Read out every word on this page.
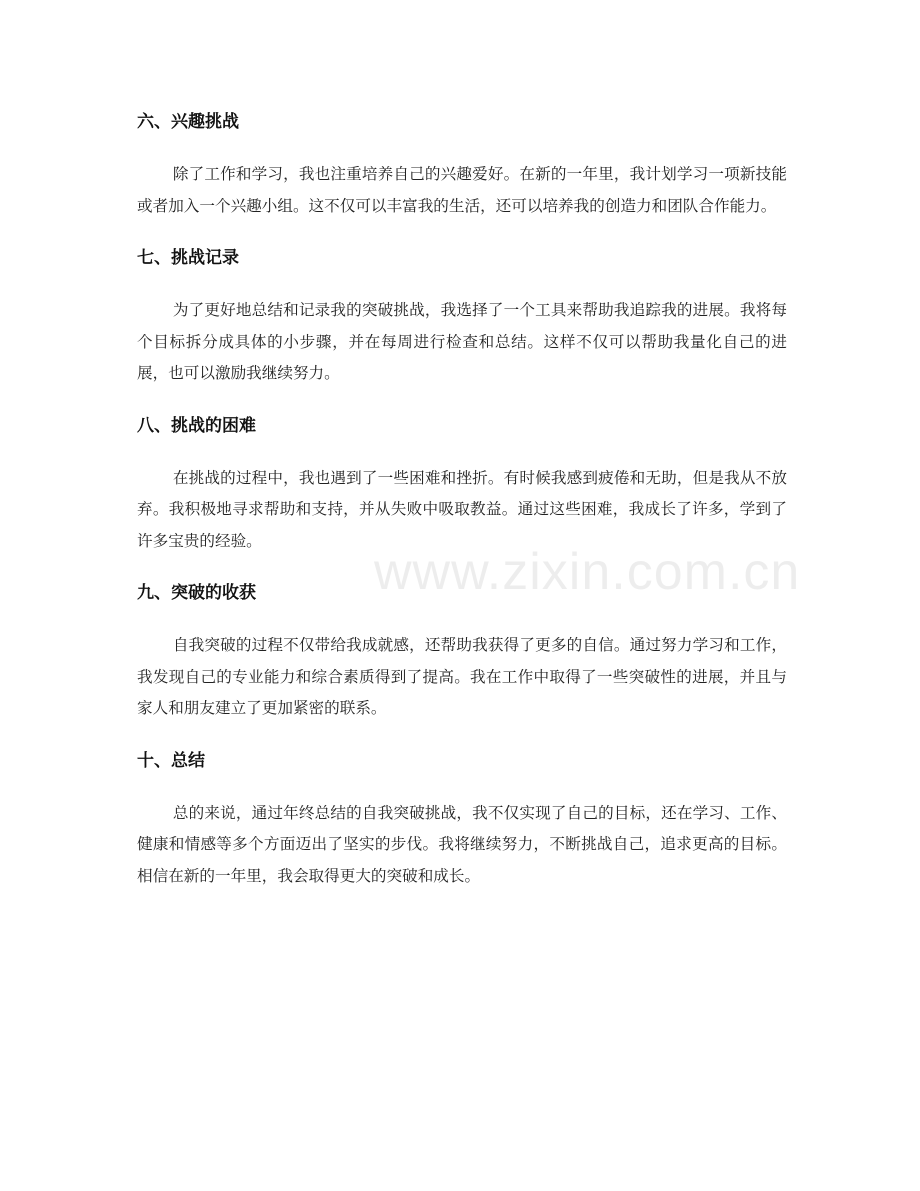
六、兴趣挑战

除了工作和学习，我也注重培养自己的兴趣爱好。在新的一年里，我计划学习一项新技能或者加入一个兴趣小组。这不仅可以丰富我的生活，还可以培养我的创造力和团队合作能力。

七、挑战记录

为了更好地总结和记录我的突破挑战，我选择了一个工具来帮助我追踪我的进展。我将每个目标拆分成具体的小步骤，并在每周进行检查和总结。这样不仅可以帮助我量化自己的进展，也可以激励我继续努力。

八、挑战的困难

在挑战的过程中，我也遇到了一些困难和挫折。有时候我感到疲倦和无助，但是我从不放弃。我积极地寻求帮助和支持，并从失败中吸取教益。通过这些困难，我成长了许多，学到了许多宝贵的经验。

九、突破的收获

自我突破的过程不仅带给我成就感，还帮助我获得了更多的自信。通过努力学习和工作，我发现自己的专业能力和综合素质得到了提高。我在工作中取得了一些突破性的进展，并且与家人和朋友建立了更加紧密的联系。

十、总结

总的来说，通过年终总结的自我突破挑战，我不仅实现了自己的目标，还在学习、工作、健康和情感等多个方面迈出了坚实的步伐。我将继续努力，不断挑战自己，追求更高的目标。相信在新的一年里，我会取得更大的突破和成长。

www.zixin.com.cn
